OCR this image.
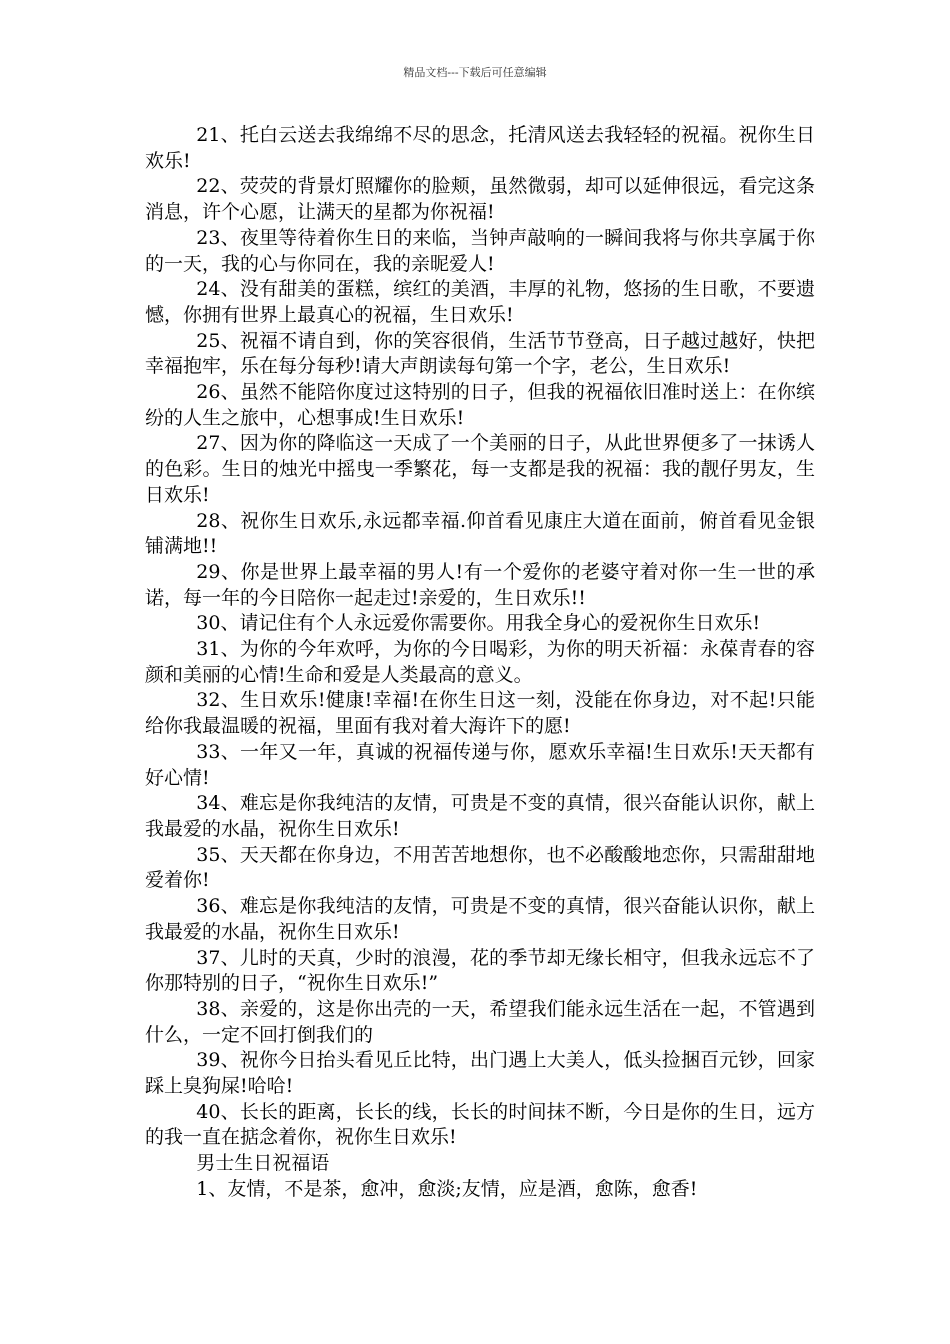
精品文档---下载后可任意编辑

21、托白云送去我绵绵不尽的思念，托清风送去我轻轻的祝福。祝你生日欢乐!

22、荧荧的背景灯照耀你的脸颊，虽然微弱，却可以延伸很远，看完这条消息，许个心愿，让满天的星都为你祝福!

23、夜里等待着你生日的来临，当钟声敲响的一瞬间我将与你共享属于你的一天，我的心与你同在，我的亲昵爱人!

24、没有甜美的蛋糕，缤红的美酒，丰厚的礼物，悠扬的生日歌，不要遗憾，你拥有世界上最真心的祝福，生日欢乐!

25、祝福不请自到，你的笑容很俏，生活节节登高，日子越过越好，快把幸福抱牢，乐在每分每秒!请大声朗读每句第一个字，老公，生日欢乐!

26、虽然不能陪你度过这特别的日子，但我的祝福依旧准时送上：在你缤纷的人生之旅中，心想事成!生日欢乐!

27、因为你的降临这一天成了一个美丽的日子，从此世界便多了一抹诱人的色彩。生日的烛光中摇曳一季繁花，每一支都是我的祝福：我的靓仔男友，生日欢乐!

28、祝你生日欢乐,永远都幸福.仰首看见康庄大道在面前，俯首看见金银铺满地!!

29、你是世界上最幸福的男人!有一个爱你的老婆守着对你一生一世的承诺，每一年的今日陪你一起走过!亲爱的，生日欢乐!!

30、请记住有个人永远爱你需要你。用我全身心的爱祝你生日欢乐!

31、为你的今年欢呼，为你的今日喝彩，为你的明天祈福：永葆青春的容颜和美丽的心情!生命和爱是人类最高的意义。

32、生日欢乐!健康!幸福!在你生日这一刻，没能在你身边，对不起!只能给你我最温暖的祝福，里面有我对着大海许下的愿!

33、一年又一年，真诚的祝福传递与你，愿欢乐幸福!生日欢乐!天天都有好心情!

34、难忘是你我纯洁的友情，可贵是不变的真情，很兴奋能认识你，献上我最爱的水晶，祝你生日欢乐!

35、天天都在你身边，不用苦苦地想你，也不必酸酸地恋你，只需甜甜地爱着你!

36、难忘是你我纯洁的友情，可贵是不变的真情，很兴奋能认识你，献上我最爱的水晶，祝你生日欢乐!

37、儿时的天真，少时的浪漫，花的季节却无缘长相守，但我永远忘不了你那特别的日子，“祝你生日欢乐!”

38、亲爱的，这是你出壳的一天，希望我们能永远生活在一起，不管遇到什么，一定不回打倒我们的

39、祝你今日抬头看见丘比特，出门遇上大美人，低头捡捆百元钞，回家踩上臭狗屎!哈哈!

40、长长的距离，长长的线，长长的时间抹不断，今日是你的生日，远方的我一直在掂念着你，祝你生日欢乐!

男士生日祝福语

1、友情，不是茶，愈冲，愈淡;友情，应是酒，愈陈，愈香!
